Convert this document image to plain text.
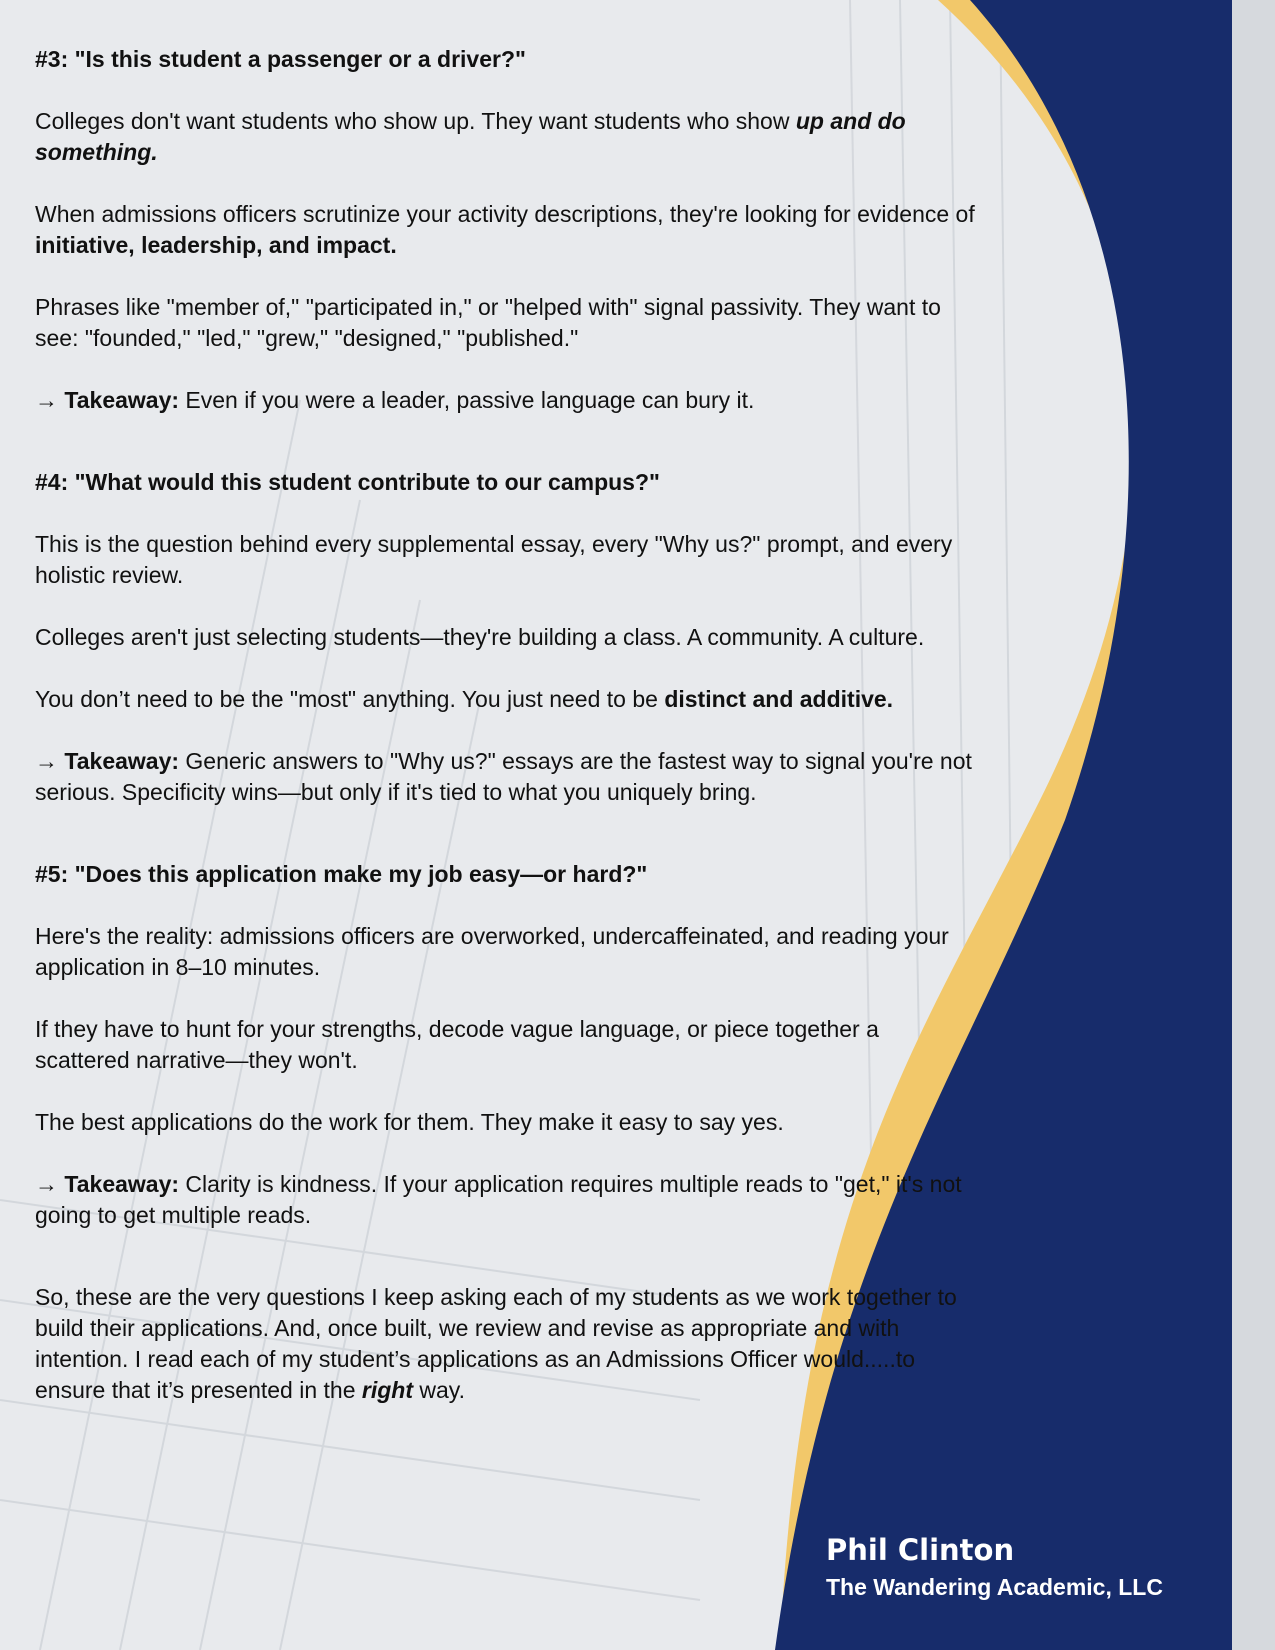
#3: "Is this student a passenger or a driver?"

Colleges don't want students who show up. They want students who show up and do something.

When admissions officers scrutinize your activity descriptions, they're looking for evidence of initiative, leadership, and impact.

Phrases like "member of," "participated in," or "helped with" signal passivity. They want to see: "founded," "led," "grew," "designed," "published."

→ Takeaway: Even if you were a leader, passive language can bury it.

#4: "What would this student contribute to our campus?"

This is the question behind every supplemental essay, every "Why us?" prompt, and every holistic review.

Colleges aren't just selecting students—they're building a class. A community. A culture.

You don’t need to be the "most" anything. You just need to be distinct and additive.

→ Takeaway: Generic answers to "Why us?" essays are the fastest way to signal you're not serious. Specificity wins—but only if it's tied to what you uniquely bring.

#5: "Does this application make my job easy—or hard?"

Here's the reality: admissions officers are overworked, undercaffeinated, and reading your application in 8–10 minutes.

If they have to hunt for your strengths, decode vague language, or piece together a scattered narrative—they won't.

The best applications do the work for them. They make it easy to say yes.

→ Takeaway: Clarity is kindness. If your application requires multiple reads to "get," it's not going to get multiple reads.

So, these are the very questions I keep asking each of my students as we work together to build their applications. And, once built, we review and revise as appropriate and with intention. I read each of my student’s applications as an Admissions Officer would.....to ensure that it’s presented in the right way.

Phil Clinton
The Wandering Academic, LLC
